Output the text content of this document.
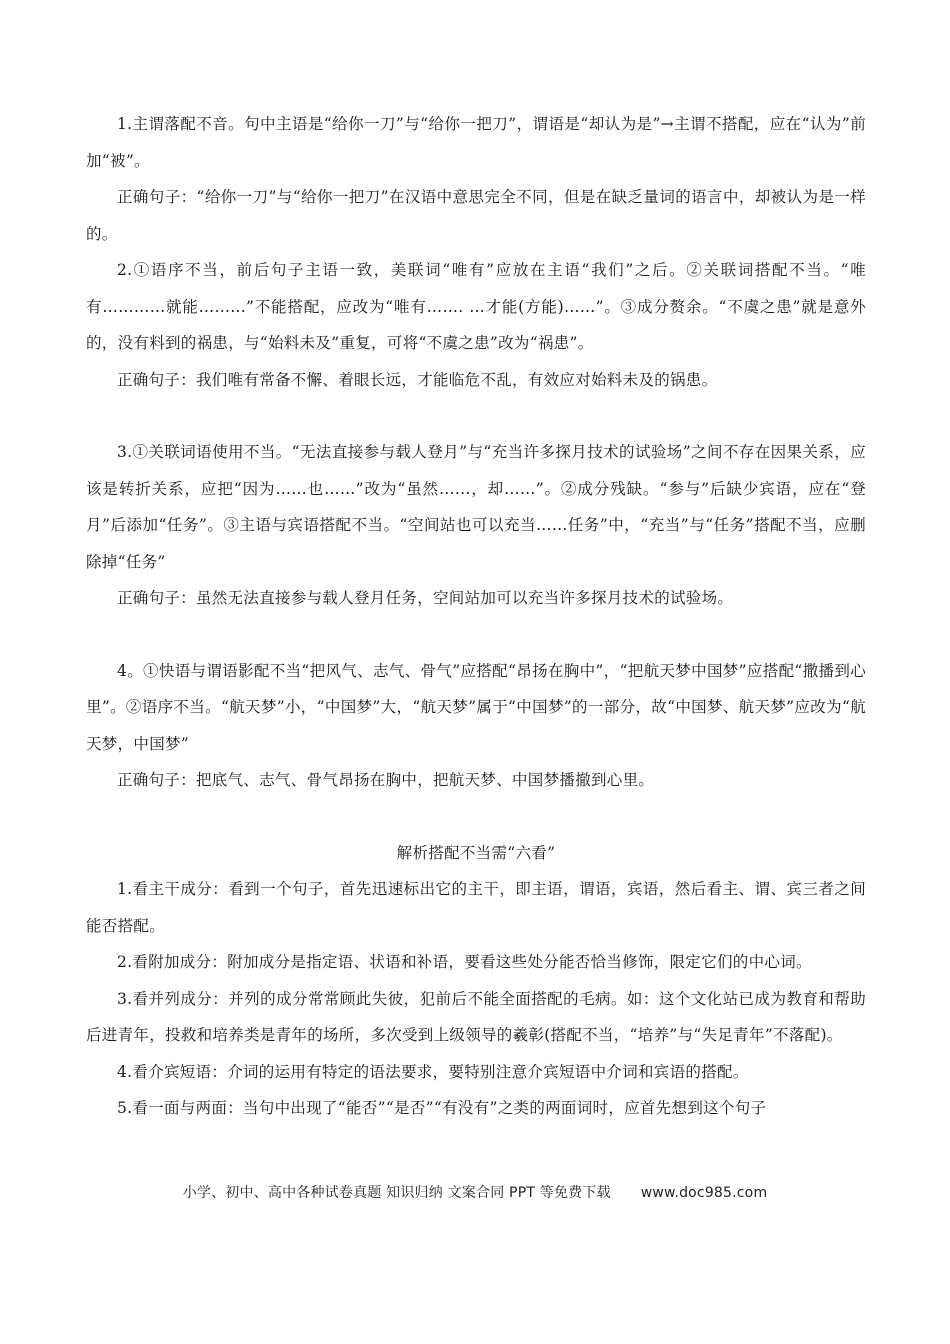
1.主谓落配不音。句中主语是“给你一刀”与“给你一把刀”，谓语是“却认为是”→主谓不搭配，应在“认为”前加“被”。

正确句子：“给你一刀”与“给你一把刀”在汉语中意思完全不同，但是在缺乏量词的语言中，却被认为是一样的。

2.①语序不当，前后句子主语一致，美联词“唯有”应放在主语“我们”之后。②关联词搭配不当。“唯有…………就能………”不能搭配，应改为“唯有……. …才能(方能)……”。③成分赘余。“不虞之患”就是意外的，没有料到的祸患，与“始料未及”重复，可将“不虞之患”改为“祸患”。

正确句子：我们唯有常备不懈、着眼长远，才能临危不乱，有效应对始料未及的锅患。

3.①关联词语使用不当。“无法直接参与载人登月”与“充当许多探月技术的试验场”之间不存在因果关系，应该是转折关系，应把“因为……也……”改为“虽然……，却……”。②成分残缺。“参与”后缺少宾语，应在“登月”后添加“任务”。③主语与宾语搭配不当。“空间站也可以充当……任务”中，“充当”与“任务”搭配不当，应删除掉“任务”

正确句子：虽然无法直接参与载人登月任务，空间站加可以充当许多探月技术的试验场。

4。①快语与谓语影配不当“把风气、志气、骨气”应搭配“昂扬在胸中”，“把航天梦中国梦”应搭配“撒播到心里”。②语序不当。“航天梦”小，“中国梦”大，“航天梦”属于“中国梦”的一部分，故“中国梦、航天梦”应改为“航天梦，中国梦”

正确句子：把底气、志气、骨气昂扬在胸中，把航天梦、中国梦播撤到心里。

解析搭配不当需“六看”

1.看主干成分：看到一个句子，首先迅速标出它的主干，即主语，谓语，宾语，然后看主、谓、宾三者之间能否搭配。

2.看附加成分：附加成分是指定语、状语和补语，要看这些处分能否恰当修饰，限定它们的中心词。

3.看并列成分：并列的成分常常顾此失彼，犯前后不能全面搭配的毛病。如：这个文化站已成为教育和帮助后进青年，投救和培养类是青年的场所，多次受到上级领导的羲彰(搭配不当，“培养”与“失足青年”不落配)。

4.看介宾短语：介词的运用有特定的语法要求，要特别注意介宾短语中介词和宾语的搭配。

5.看一面与两面：当句中出现了“能否”“是否”“有没有”之类的两面词时，应首先想到这个句子

小学、初中、高中各种试卷真题 知识归纳 文案合同 PPT 等免费下载 www.doc985.com
